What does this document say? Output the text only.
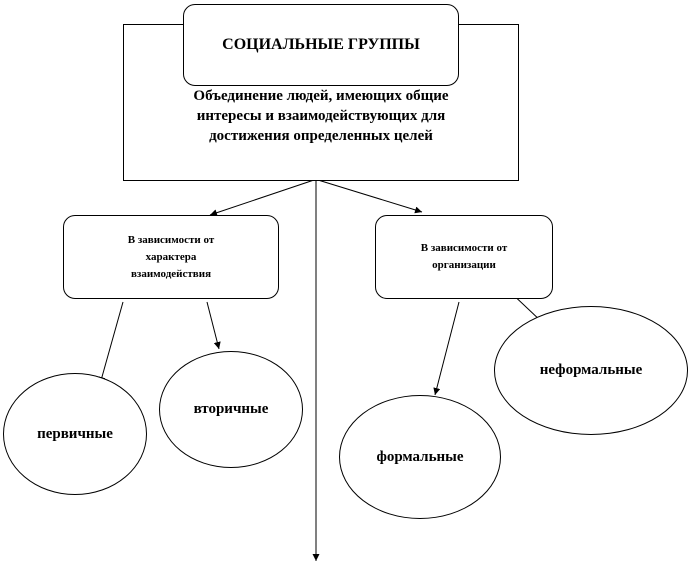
Объединение людей, имеющих общие
интересы и взаимодействующих для
достижения определенных целей
СОЦИАЛЬНЫЕ ГРУППЫ
В зависимости от
характера
взаимодействия
В зависимости от
организации
первичные
вторичные
формальные
неформальные
